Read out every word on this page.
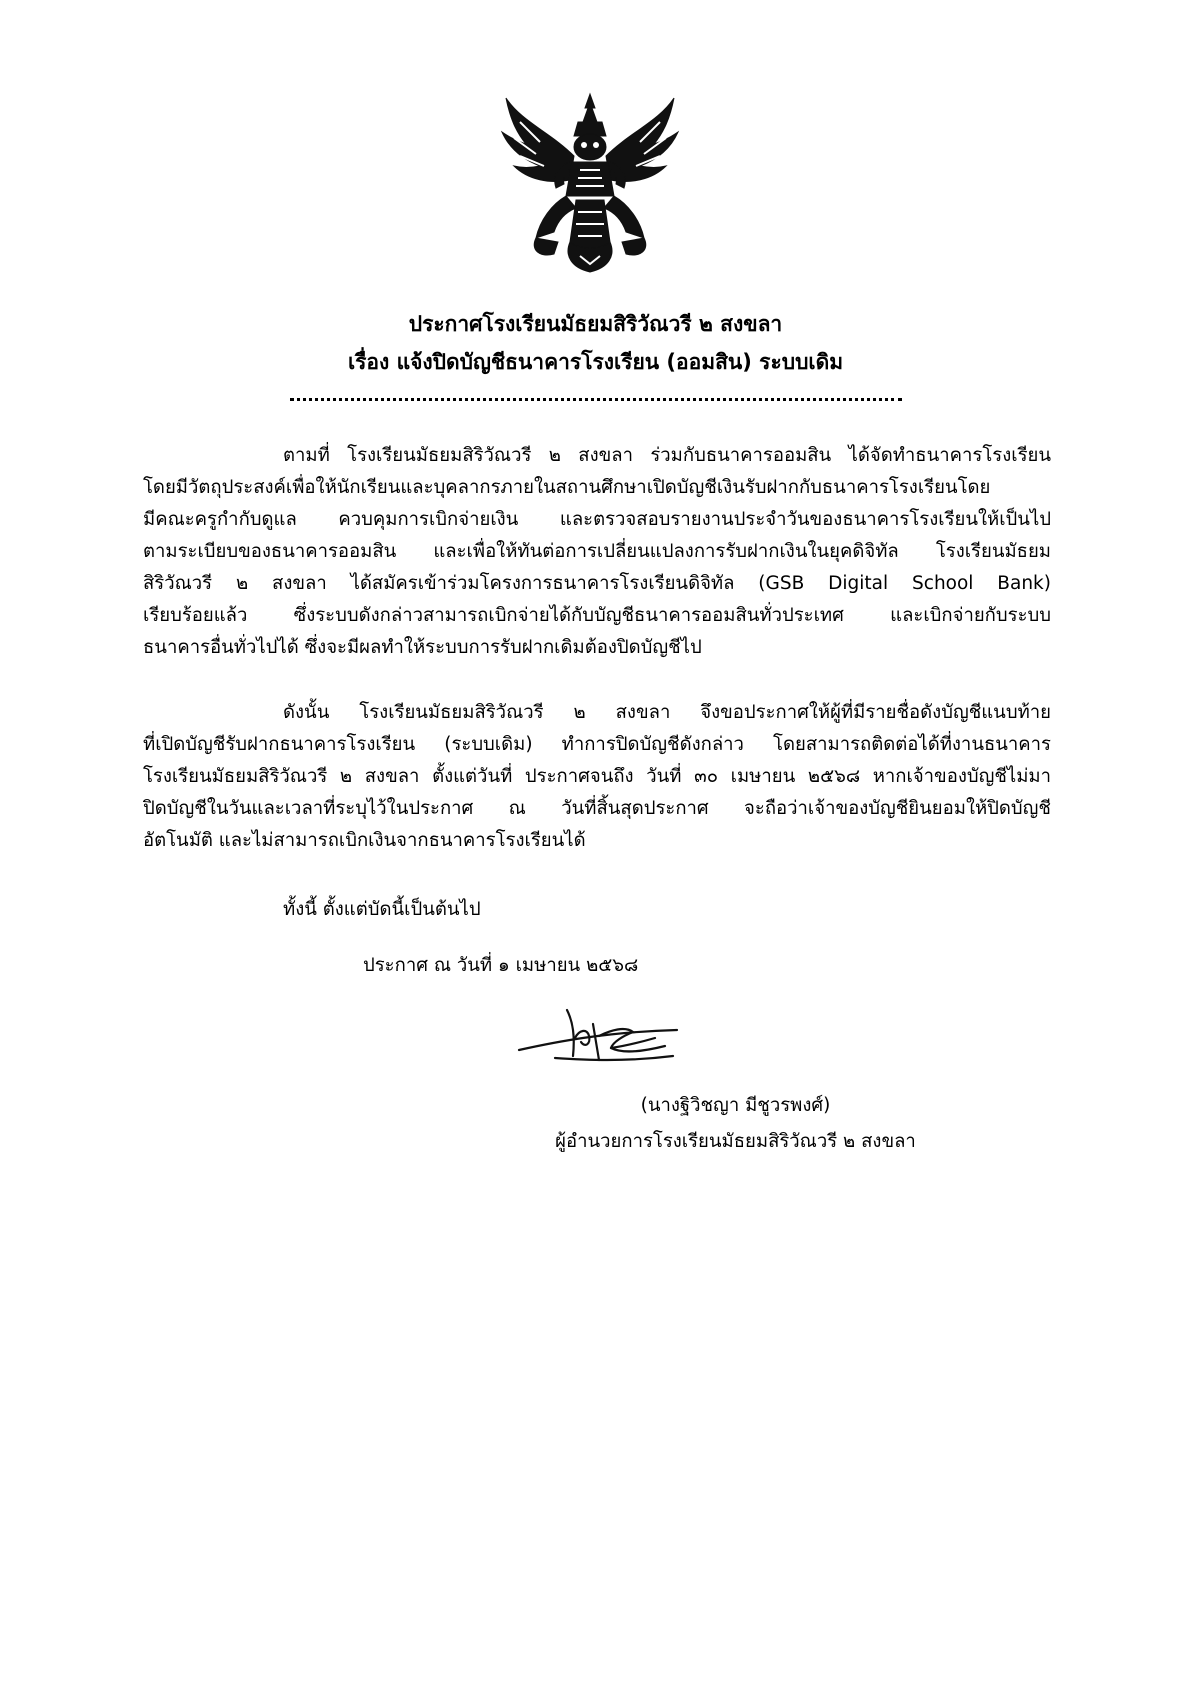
ประกาศโรงเรียนมัธยมสิริวัณวรี ๒ สงขลา
เรื่อง แจ้งปิดบัญชีธนาคารโรงเรียน (ออมสิน) ระบบเดิม
ตามที่ โรงเรียนมัธยมสิริวัณวรี ๒ สงขลา ร่วมกับธนาคารออมสิน ได้จัดทำธนาคารโรงเรียน
โดยมีวัตถุประสงค์เพื่อให้นักเรียนและบุคลากรภายในสถานศึกษาเปิดบัญชีเงินรับฝากกับธนาคารโรงเรียนโดย
มีคณะครูกำกับดูแล ควบคุมการเบิกจ่ายเงิน และตรวจสอบรายงานประจำวันของธนาคารโรงเรียนให้เป็นไป
ตามระเบียบของธนาคารออมสิน และเพื่อให้ทันต่อการเปลี่ยนแปลงการรับฝากเงินในยุคดิจิทัล โรงเรียนมัธยม
สิริวัณวรี ๒ สงขลา ได้สมัครเข้าร่วมโครงการธนาคารโรงเรียนดิจิทัล (GSB Digital School Bank)
เรียบร้อยแล้ว ซึ่งระบบดังกล่าวสามารถเบิกจ่ายได้กับบัญชีธนาคารออมสินทั่วประเทศ และเบิกจ่ายกับระบบ
ธนาคารอื่นทั่วไปได้ ซึ่งจะมีผลทำให้ระบบการรับฝากเดิมต้องปิดบัญชีไป
ดังนั้น โรงเรียนมัธยมสิริวัณวรี ๒ สงขลา จึงขอประกาศให้ผู้ที่มีรายชื่อดังบัญชีแนบท้าย
ที่เปิดบัญชีรับฝากธนาคารโรงเรียน (ระบบเดิม) ทำการปิดบัญชีดังกล่าว โดยสามารถติดต่อได้ที่งานธนาคาร
โรงเรียนมัธยมสิริวัณวรี ๒ สงขลา ตั้งแต่วันที่ ประกาศจนถึง วันที่ ๓๐ เมษายน ๒๕๖๘ หากเจ้าของบัญชีไม่มา
ปิดบัญชีในวันและเวลาที่ระบุไว้ในประกาศ ณ วันที่สิ้นสุดประกาศ จะถือว่าเจ้าของบัญชียินยอมให้ปิดบัญชี
อัตโนมัติ และไม่สามารถเบิกเงินจากธนาคารโรงเรียนได้
ทั้งนี้ ตั้งแต่บัดนี้เป็นต้นไป
ประกาศ ณ วันที่ ๑ เมษายน ๒๕๖๘
(นางฐิวิชญา มีชูวรพงศ์)
ผู้อำนวยการโรงเรียนมัธยมสิริวัณวรี ๒ สงขลา
